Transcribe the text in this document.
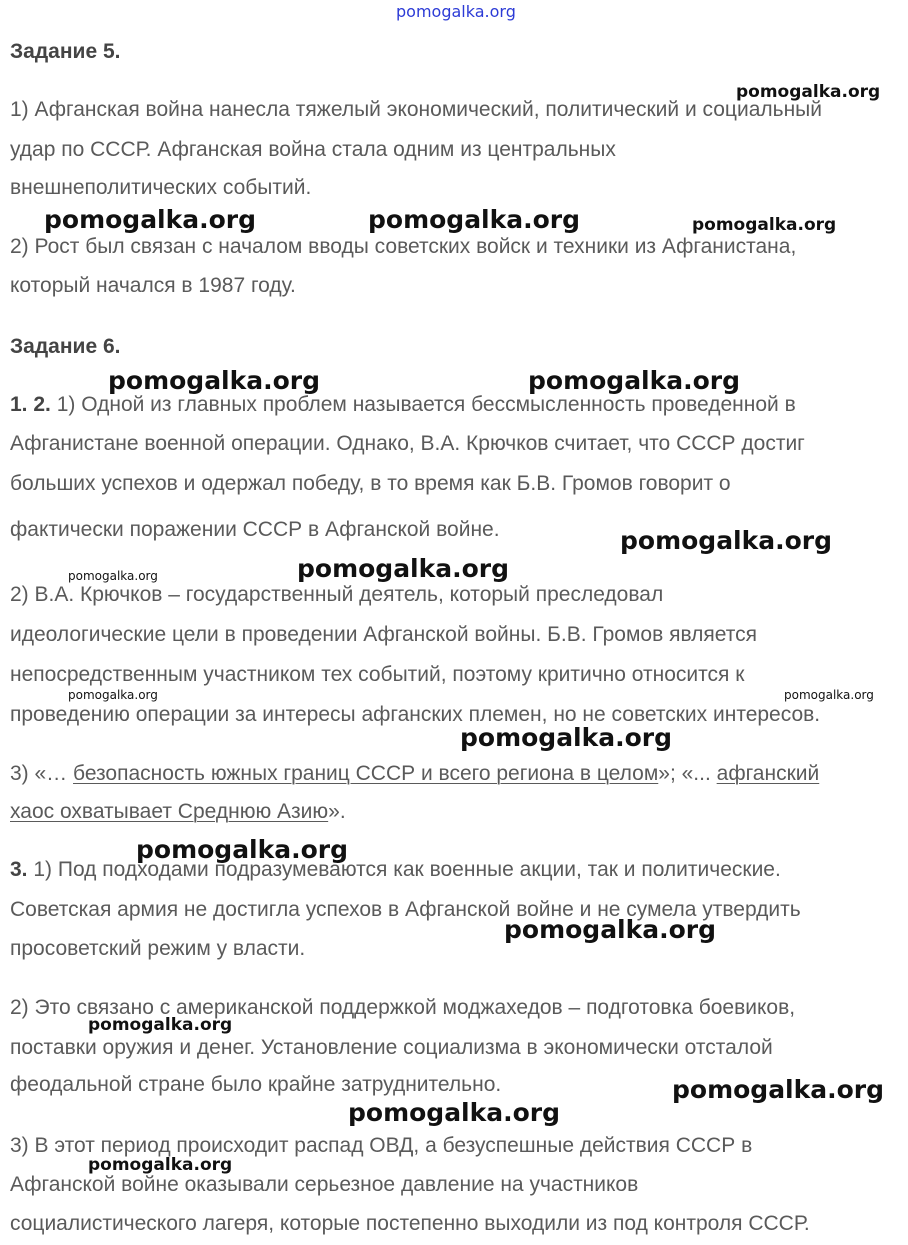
pomogalka.org
Задание 5.
1) Афганская война нанесла тяжелый экономический, политический и социальный
удар по СССР. Афганская война стала одним из центральных
внешнеполитических событий.
2) Рост был связан с началом вводы советских войск и техники из Афганистана,
который начался в 1987 году.
Задание 6.
1. 2. 1) Одной из главных проблем называется бессмысленность проведенной в
Афганистане военной операции. Однако, В.А. Крючков считает, что СССР достиг
больших успехов и одержал победу, в то время как Б.В. Громов говорит о
фактически поражении СССР в Афганской войне.
2) В.А. Крючков – государственный деятель, который преследовал
идеологические цели в проведении Афганской войны. Б.В. Громов является
непосредственным участником тех событий, поэтому критично относится к
проведению операции за интересы афганских племен, но не советских интересов.
3) «… безопасность южных границ СССР и всего региона в целом»; «... афганский
хаос охватывает Среднюю Азию».
3. 1) Под подходами подразумеваются как военные акции, так и политические.
Советская армия не достигла успехов в Афганской войне и не сумела утвердить
просоветский режим у власти.
2) Это связано с американской поддержкой моджахедов – подготовка боевиков,
поставки оружия и денег. Установление социализма в экономически отсталой
феодальной стране было крайне затруднительно.
3) В этот период происходит распад ОВД, а безуспешные действия СССР в
Афганской войне оказывали серьезное давление на участников
социалистического лагеря, которые постепенно выходили из под контроля СССР.
pomogalka.org
pomogalka.org	pomogalka.org	pomogalka.org
pomogalka.org	pomogalka.org
pomogalka.org
pomogalka.org	pomogalka.org
pomogalka.org	pomogalka.org
pomogalka.org
pomogalka.org
pomogalka.org
pomogalka.org
pomogalka.org
pomogalka.org
pomogalka.org
